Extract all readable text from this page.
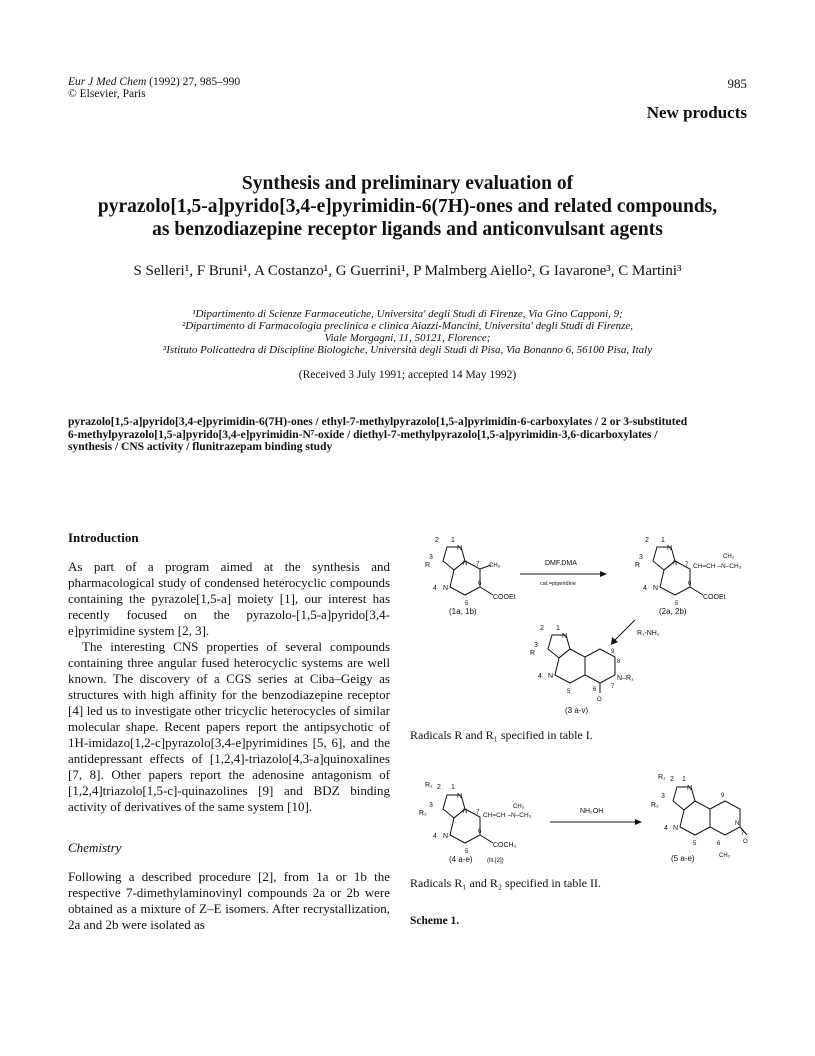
Eur J Med Chem (1992) 27, 985–990
© Elsevier, Paris
985
New products
Synthesis and preliminary evaluation of
pyrazolo[1,5-a]pyrido[3,4-e]pyrimidin-6(7H)-ones and related compounds,
as benzodiazepine receptor ligands and anticonvulsant agents
S Selleri¹, F Bruni¹, A Costanzo¹, G Guerrini¹, P Malmberg Aiello², G Iavarone³, C Martini³
¹Dipartimento di Scienze Farmaceutiche, Universita' degli Studi di Firenze, Via Gino Capponi, 9;
²Dipartimento di Farmacologia preclinica e clinica Aiazzi-Mancini, Universita' degli Studi di Firenze,
Viale Morgagni, 11, 50121, Florence;
³Istituto Policattedra di Discipline Biologiche, Università degli Studi di Pisa, Via Bonanno 6, 56100 Pisa, Italy
(Received 3 July 1991; accepted 14 May 1992)
pyrazolo[1,5-a]pyrido[3,4-e]pyrimidin-6(7H)-ones / ethyl-7-methylpyrazolo[1,5-a]pyrimidin-6-carboxylates / 2 or 3-substituted
6-methylpyrazolo[1,5-a]pyrido[3,4-e]pyrimidin-N⁷-oxide / diethyl-7-methylpyrazolo[1,5-a]pyrimidin-3,6-dicarboxylates /
synthesis / CNS activity / flunitrazepam binding study
Introduction

As part of a program aimed at the synthesis and pharmacological study of condensed heterocyclic compounds containing the pyrazole[1,5-a] moiety [1], our interest has recently focused on the pyrazolo-[1,5-a]pyrido[3,4-e]pyrimidine system [2, 3].

The interesting CNS properties of several compounds containing three angular fused heterocyclic systems are well known. The discovery of a CGS series at Ciba–Geigy as structures with high affinity for the benzodiazepine receptor [4] led us to investigate other tricyclic heterocycles of similar molecular shape. Recent papers report the antipsychotic of 1H-imidazo[1,2-c]pyrazolo[3,4-e]pyrimidines [5, 6], and the antidepressant effects of [1,2,4]-triazolo[4,3-a]quinoxalines [7, 8]. Other papers report the adenosine antagonism of [1,2,4]triazolo[1,5-c]-quinazolines [9] and BDZ binding activity of derivatives of the same system [10].

Chemistry

Following a described procedure [2], from 1a or 1b the respective 7-dimethylaminovinyl compounds 2a or 2b were obtained as a mixture of Z–E isomers. After recrystallization, 2a and 2b were isolated as

1
2
N
3
R	N 7 CH₃
4 N
6
COOEt
5
(1a, 1b)
DMF.DMA
cat.=piperidine
1
2
N
3
R	N 7 CH=CH –N–CH₃
CH₃
4 N
6
COOEt
5
(2a, 2b)
R₁-NH₂
1
2
N
3
R	9
8
N–R₁
7
4 N
5	6
O
(3 a-v)
R₁ 2 1
N
3
R₂	N 7 CH=CH –N–CH₃
CH₃
4 N
6
COCH₃
5
(4 a-e) (lit.[2])
NH₂OH
R₁ 2 1
N
3
R₂
9
N
7
O
4 N
5	6
CH₃
(5 a-e)
Radicals R and R₁ specified in table I.
Radicals R₁ and R₂ specified in table II.
Scheme 1.
